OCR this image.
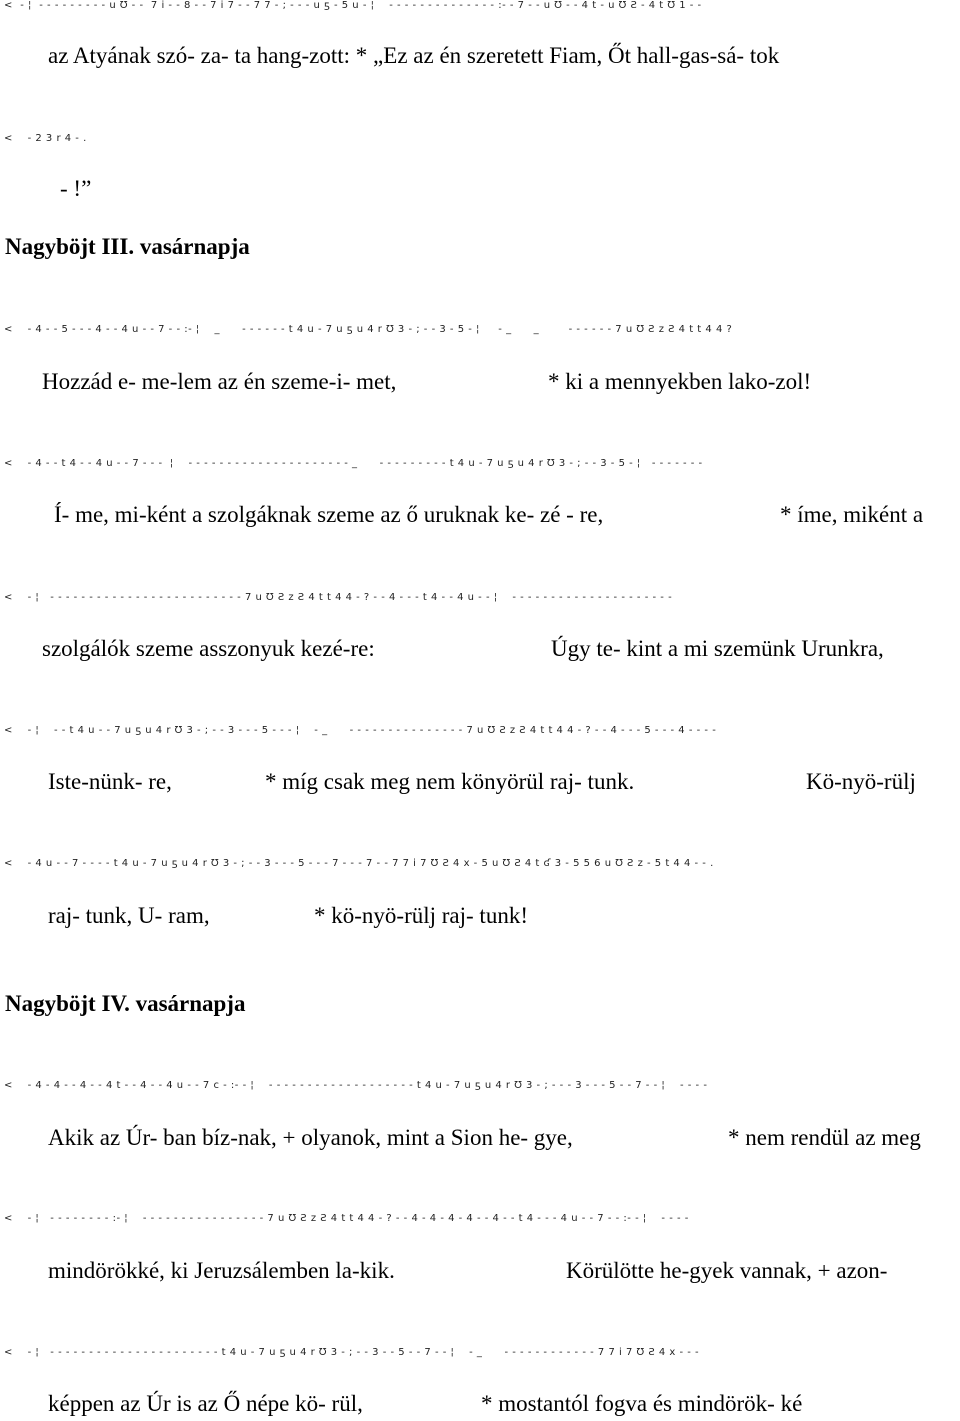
<  - ¦  - - - - - - - - - u Ʊ - -  7 i - - 8 - - 7 i 7 - - 7 7 - ; - - - u ƽ - 5 u - ¦    - - - - - - - - - - - - - - :- - 7 - - u Ʊ - - 4 t - u Ʊ Ƨ - 4 t Ʊ 1 - -
az Atyának szó- za- ta hang-zott: * „Ez az én szeretett Fiam, Őt hall-gas-sá- tok
<    - 2 3 r 4 - .
- !”
Nagyböjt III. vasárnapja
<    - 4 - - 5 - - - 4 - - 4 u - - 7 - - :- ¦    _      - - - - - - t 4 u - 7 u ƽ u 4 r Ʊ 3 - ; - - 3 - 5 - ¦     - _      _        - - - - - - 7 u Ʊ Ƨ z Ƨ 4 t t 4 4 ?
Hozzád e- me-lem az én szeme-i- met,	* ki a mennyekben lako-zol!
<    - 4 - - t 4 - - 4 u - - 7 - - -  ¦    - - - - - - - - - - - - - - - - - - - - - _      - - - - - - - - - t 4 u - 7 u ƽ u 4 r Ʊ 3 - ; - - 3 - 5 - ¦   - - - - - - -
Í- me, mi-ként a szolgáknak szeme az ő uruknak ke- zé - re,	* íme, miként a
<    - ¦   - - - - - - - - - - - - - - - - - - - - - - - - - 7 u Ʊ Ƨ z Ƨ 4 t t 4 4 - ? - - 4 - - - t 4 - - 4 u - - ¦    - - - - - - - - - - - - - - - - - - - - -
szolgálók szeme asszonyuk kezé-re:	Úgy te- kint a mi szemünk Urunkra,
<    - ¦    - - t 4 u - - 7 u ƽ u 4 r Ʊ 3 - ; - - 3 - - - 5 - - - ¦    - _      - - - - - - - - - - - - - - - 7 u Ʊ Ƨ z Ƨ 4 t t 4 4 - ? - - 4 - - - 5 - - - 4 - - - -
Iste-nünk- re,	* míg csak meg nem könyörül raj- tunk.	Kö-nyö-rülj
<    - 4 u - - 7 - - - - t 4 u - 7 u ƽ u 4 r Ʊ 3 - ; - - 3 - - - 5 - - - 7 - - - 7 - - 7 7 i 7 Ʊ Ƨ 4 x - 5 u Ʊ Ƨ 4 t ʛ 3 - 5 5 6 u Ʊ Ƨ z - 5 t 4 4 - - .
raj- tunk, U- ram,	* kö-nyö-rülj raj- tunk!
Nagyböjt IV. vasárnapja
<    - 4 - 4 - - 4 - - 4 t - - 4 - - 4 u - - 7 c - :- - ¦    - - - - - - - - - - - - - - - - - - - t 4 u - 7 u ƽ u 4 r Ʊ 3 - ; - - - 3 - - - 5 - - 7 - - ¦    - - - -
Akik az Úr- ban bíz-nak, + olyanok, mint a Sion he- gye,	* nem rendül az meg
<    - ¦   - - - - - - - - :- ¦    - - - - - - - - - - - - - - - - 7 u Ʊ Ƨ z Ƨ 4 t t 4 4 - ? - - 4 - 4 - 4 - 4 - - 4 - - t 4 - - - 4 u - - 7 - - :- - ¦    - - - -
mindörökké, ki Jeruzsálemben la-kik.	Körülötte he-gyek vannak, + azon-
<    - ¦   - - - - - - - - - - - - - - - - - - - - - - t 4 u - 7 u ƽ u 4 r Ʊ 3 - ; - - 3 - - 5 - - 7 - - ¦    - _      - - - - - - - - - - - - 7 7 i 7 Ʊ Ƨ 4 x - - -
képpen az Úr is az Ő népe kö- rül,	* mostantól fogva és mindörök- ké
